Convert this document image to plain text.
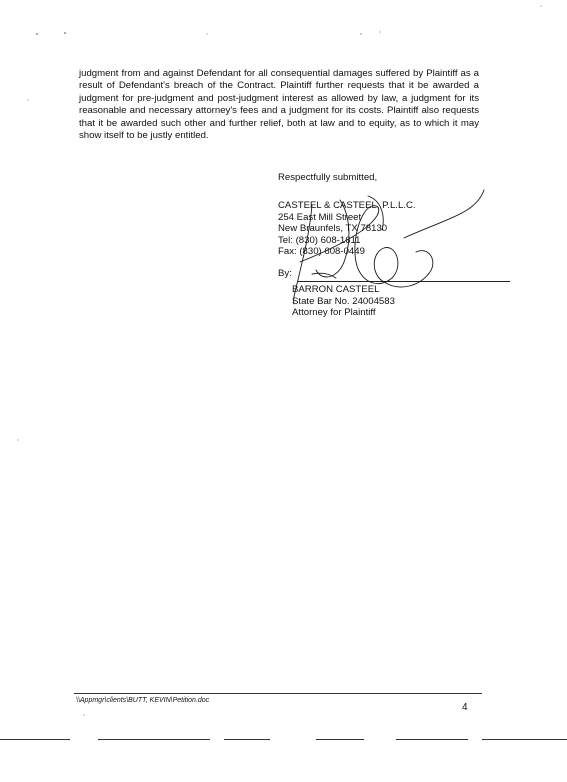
judgment from and against Defendant for all consequential damages suffered by Plaintiff as a result of Defendant's breach of the Contract. Plaintiff further requests that it be awarded a judgment for pre-judgment and post-judgment interest as allowed by law, a judgment for its reasonable and necessary attorney's fees and a judgment for its costs. Plaintiff also requests that it be awarded such other and further relief, both at law and to equity, as to which it may show itself to be justly entitled.

Respectfully submitted,
CASTEEL & CASTEEL, P.L.L.C.
254 East Mill Street
New Braunfels, TX 78130
Tel: (830) 608-1611
Fax: (830) 608-0449
By:
BARRON CASTEEL
State Bar No. 24004583
Attorney for Plaintiff
\\Appmgr\clients\BUTT, KEVIN\Petition.doc
4
